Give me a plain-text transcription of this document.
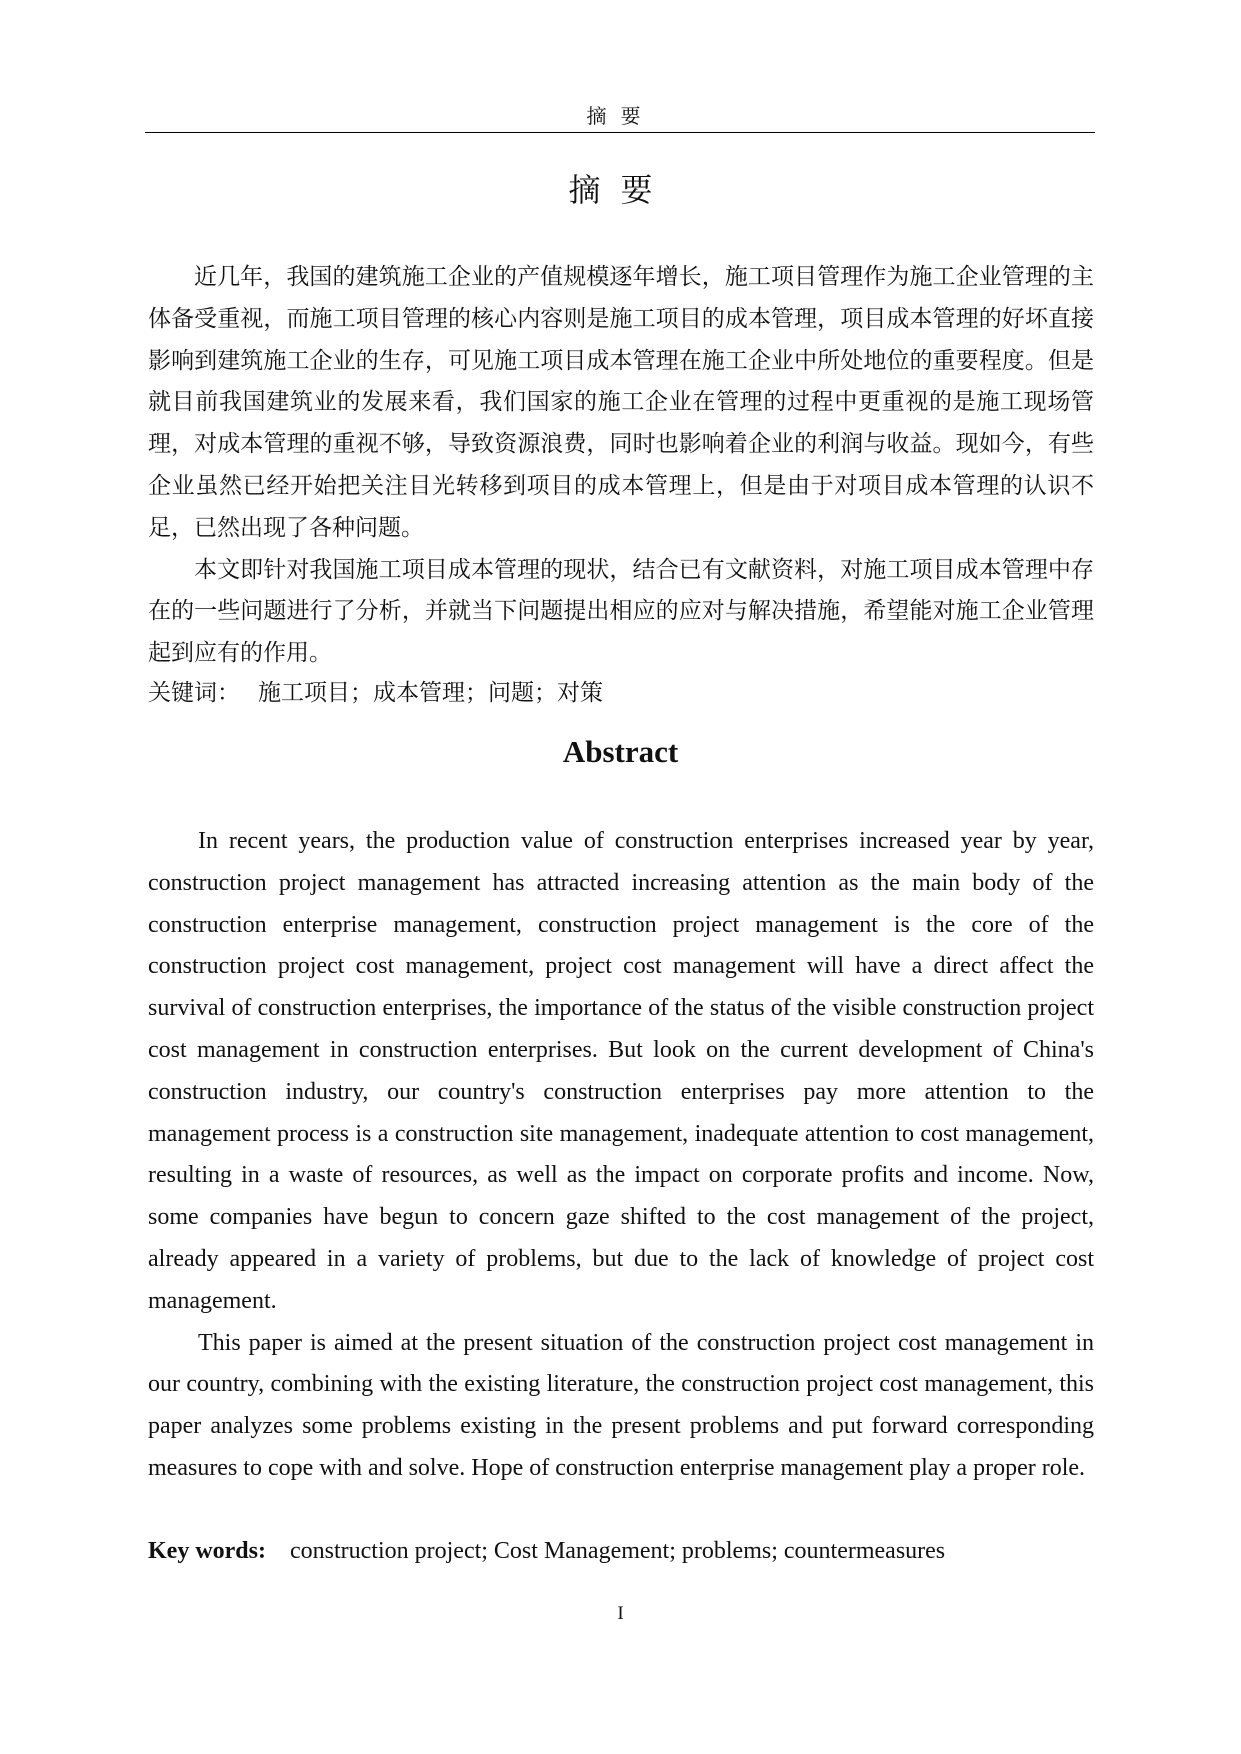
摘要
摘要

近几年，我国的建筑施工企业的产值规模逐年增长，施工项目管理作为施工企业管理的主体备受重视，而施工项目管理的核心内容则是施工项目的成本管理，项目成本管理的好坏直接影响到建筑施工企业的生存，可见施工项目成本管理在施工企业中所处地位的重要程度。但是就目前我国建筑业的发展来看，我们国家的施工企业在管理的过程中更重视的是施工现场管理，对成本管理的重视不够，导致资源浪费，同时也影响着企业的利润与收益。现如今，有些企业虽然已经开始把关注目光转移到项目的成本管理上，但是由于对项目成本管理的认识不足，已然出现了各种问题。

本文即针对我国施工项目成本管理的现状，结合已有文献资料，对施工项目成本管理中存在的一些问题进行了分析，并就当下问题提出相应的应对与解决措施，希望能对施工企业管理起到应有的作用。

关键词： 施工项目；成本管理；问题；对策
Abstract

In recent years, the production value of construction enterprises increased year by year, construction project management has attracted increasing attention as the main body of the construction enterprise management, construction project management is the core of the construction project cost management, project cost management will have a direct affect the survival of construction enterprises, the importance of the status of the visible construction project cost management in construction enterprises. But look on the current development of China's construction industry, our country's construction enterprises pay more attention to the management process is a construction site management, inadequate attention to cost management, resulting in a waste of resources, as well as the impact on corporate profits and income. Now, some companies have begun to concern gaze shifted to the cost management of the project, already appeared in a variety of problems, but due to the lack of knowledge of project cost management.

This paper is aimed at the present situation of the construction project cost management in our country, combining with the existing literature, the construction project cost management, this paper analyzes some problems existing in the present problems and put forward corresponding measures to cope with and solve. Hope of construction enterprise management play a proper role.

Key words: construction project; Cost Management; problems; countermeasures
I
